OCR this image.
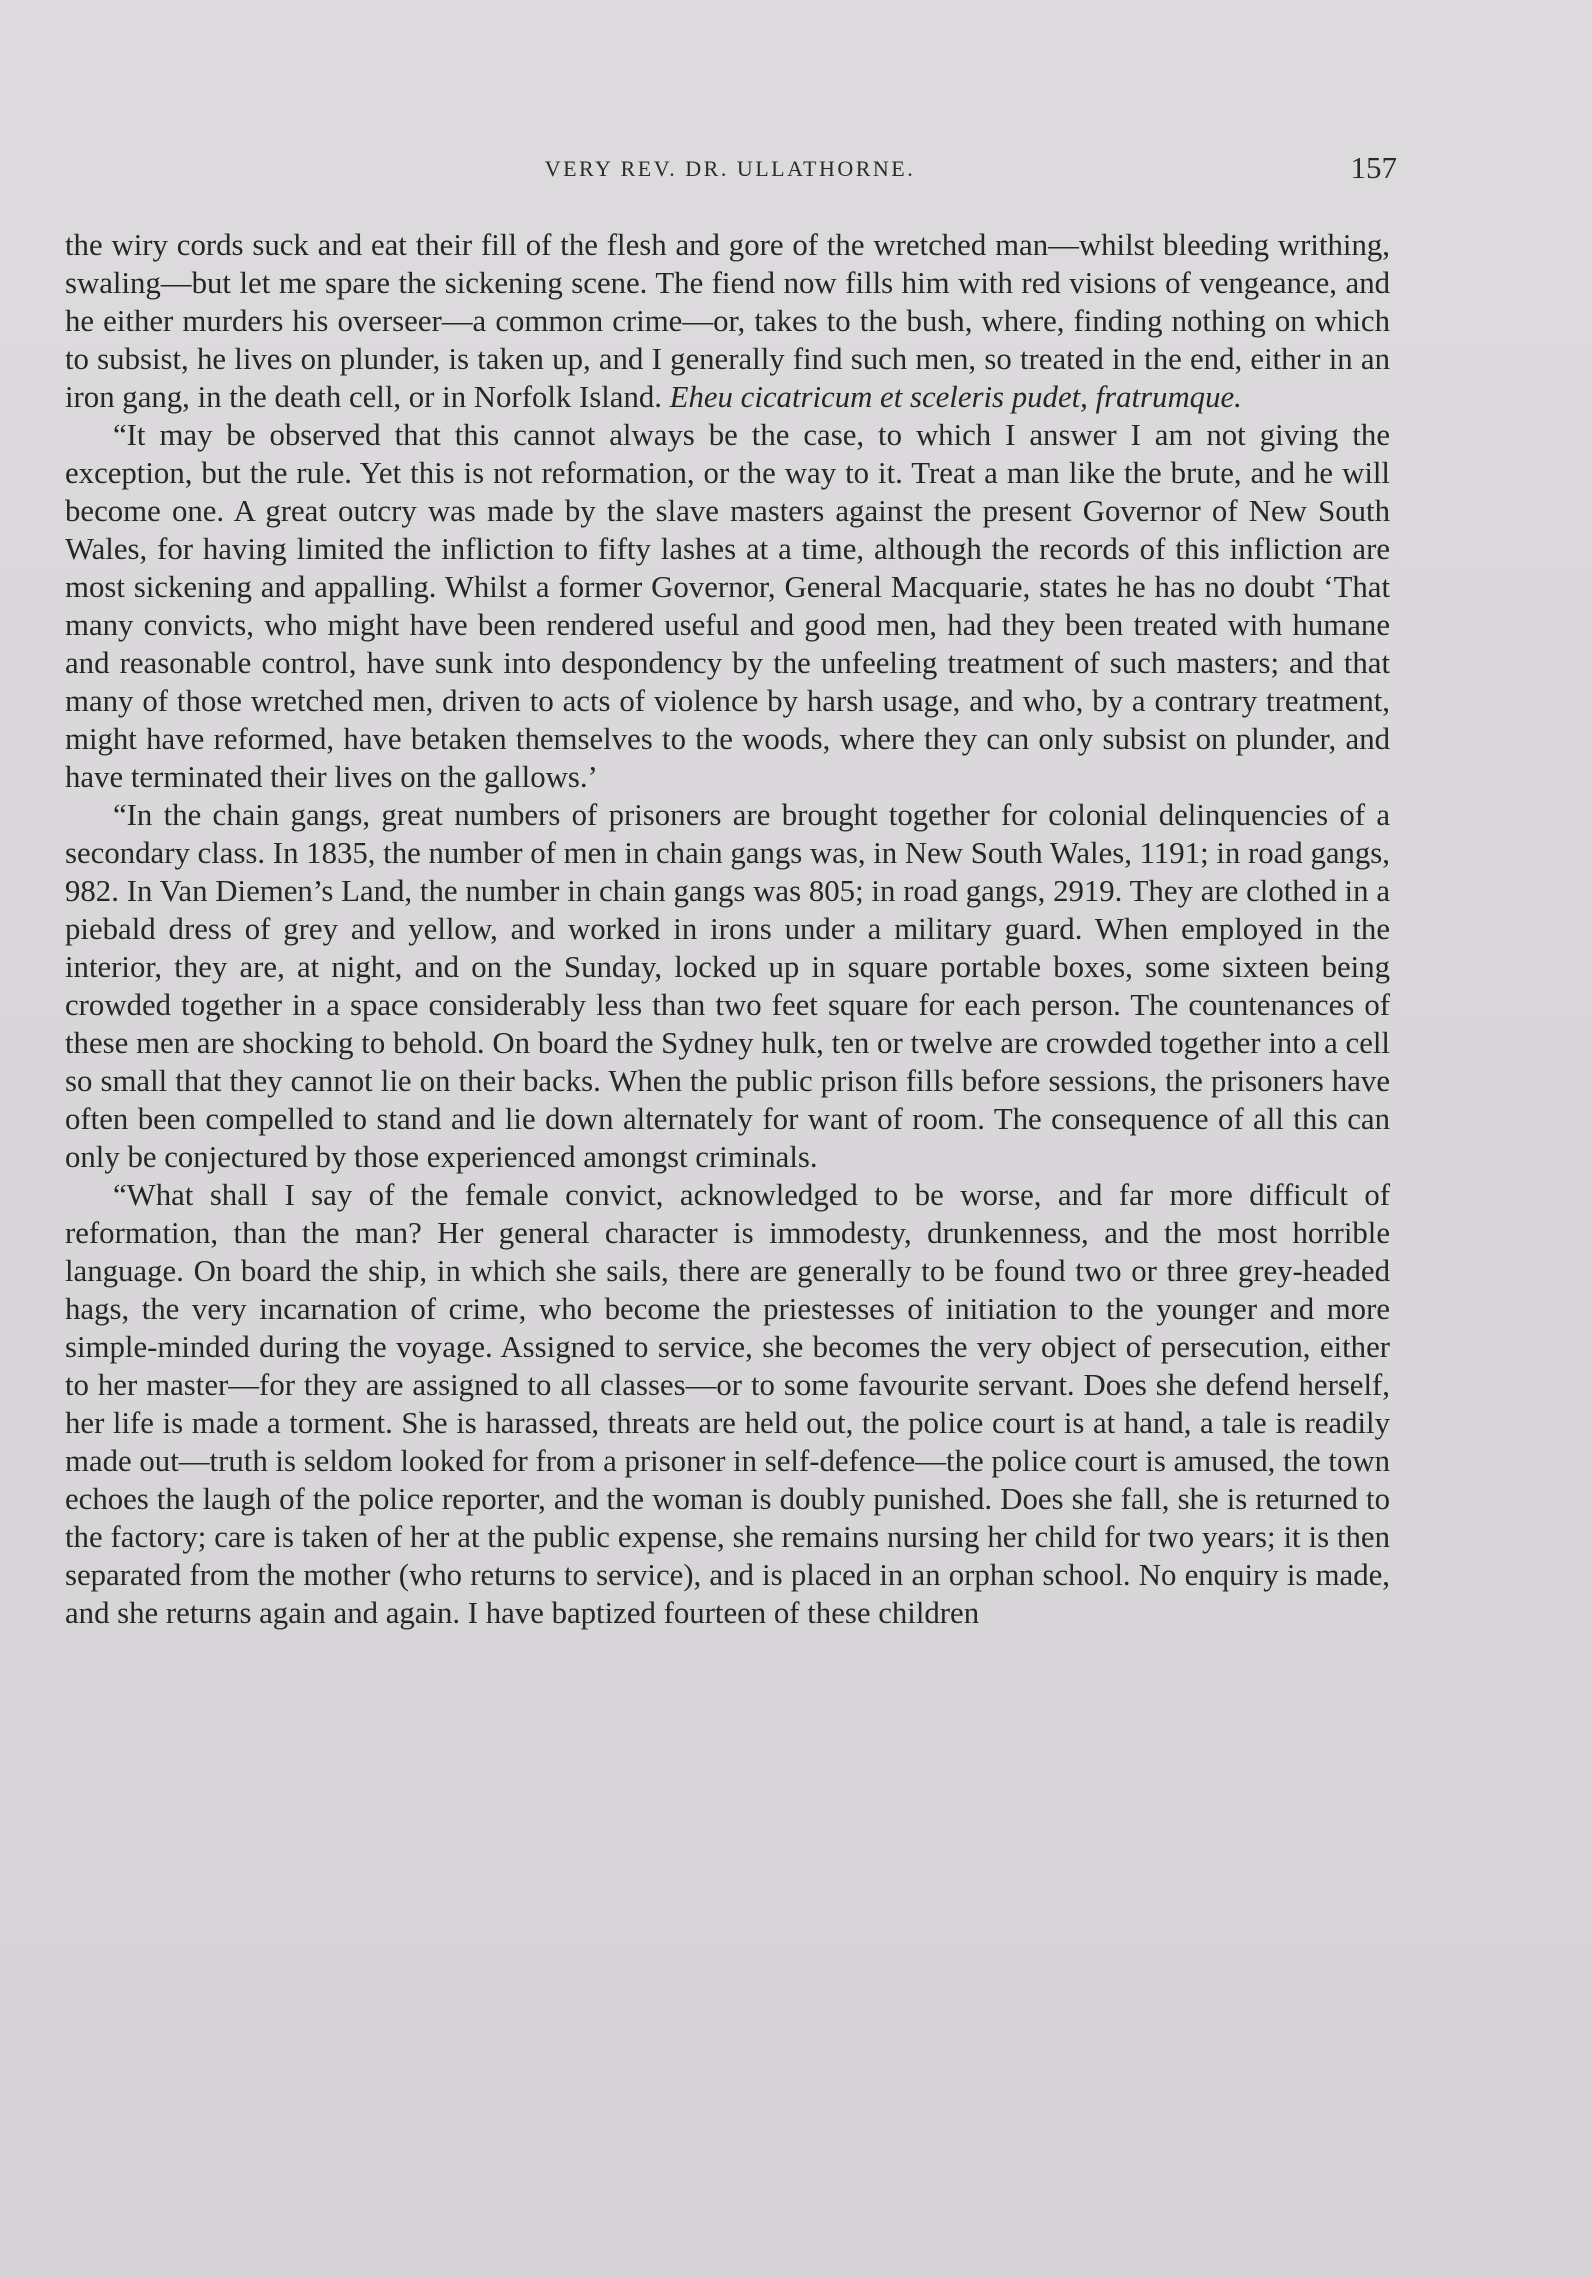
VERY REV. DR. ULLATHORNE.	157

the wiry cords suck and eat their fill of the flesh and gore of the wretched man—whilst bleeding writhing, swaling—but let me spare the sickening scene. The fiend now fills him with red visions of vengeance, and he either murders his overseer—a common crime—or, takes to the bush, where, finding nothing on which to subsist, he lives on plunder, is taken up, and I generally find such men, so treated in the end, either in an iron gang, in the death cell, or in Norfolk Island. Eheu cicatricum et sceleris pudet, fratrumque.

“It may be observed that this cannot always be the case, to which I answer I am not giving the exception, but the rule. Yet this is not reformation, or the way to it. Treat a man like the brute, and he will become one. A great outcry was made by the slave masters against the present Governor of New South Wales, for having limited the infliction to fifty lashes at a time, although the records of this infliction are most sickening and appalling. Whilst a former Governor, General Macquarie, states he has no doubt ‘That many convicts, who might have been rendered useful and good men, had they been treated with humane and reasonable control, have sunk into despondency by the unfeeling treatment of such masters; and that many of those wretched men, driven to acts of violence by harsh usage, and who, by a contrary treatment, might have reformed, have betaken themselves to the woods, where they can only subsist on plunder, and have terminated their lives on the gallows.’

“In the chain gangs, great numbers of prisoners are brought together for colonial delinquencies of a secondary class. In 1835, the number of men in chain gangs was, in New South Wales, 1191; in road gangs, 982. In Van Diemen’s Land, the number in chain gangs was 805; in road gangs, 2919. They are clothed in a piebald dress of grey and yellow, and worked in irons under a military guard. When employed in the interior, they are, at night, and on the Sunday, locked up in square portable boxes, some sixteen being crowded together in a space considerably less than two feet square for each person. The countenances of these men are shocking to behold. On board the Sydney hulk, ten or twelve are crowded together into a cell so small that they cannot lie on their backs. When the public prison fills before sessions, the prisoners have often been compelled to stand and lie down alternately for want of room. The consequence of all this can only be conjectured by those experienced amongst criminals.

“What shall I say of the female convict, acknowledged to be worse, and far more difficult of reformation, than the man? Her general character is immodesty, drunkenness, and the most horrible language. On board the ship, in which she sails, there are generally to be found two or three grey-headed hags, the very incarnation of crime, who become the priestesses of initiation to the younger and more simple-minded during the voyage. Assigned to service, she becomes the very object of persecution, either to her master—for they are assigned to all classes—or to some favourite servant. Does she defend herself, her life is made a torment. She is harassed, threats are held out, the police court is at hand, a tale is readily made out—truth is seldom looked for from a prisoner in self-defence—the police court is amused, the town echoes the laugh of the police reporter, and the woman is doubly punished. Does she fall, she is returned to the factory; care is taken of her at the public expense, she remains nursing her child for two years; it is then separated from the mother (who returns to service), and is placed in an orphan school. No enquiry is made, and she returns again and again. I have baptized fourteen of these children
